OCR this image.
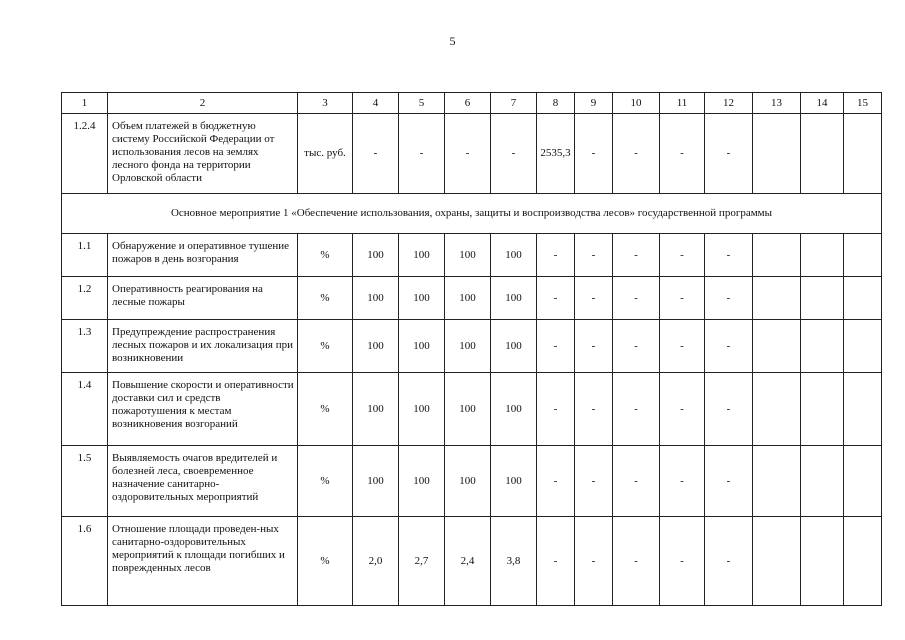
5
1	2	3	4	5	6	7	8	9	10	11	12	13	14	15
1.2.4	Объем платежей в бюджетную систему Российской Федерации от использования лесов на землях лесного фонда на территории Орловской области	тыс. руб.	-	-	-	-	2535,3	-	-	-	-			
Основное мероприятие 1 «Обеспечение использования, охраны, защиты и воспроизводства лесов» государственной программы														
1.1	Обнаружение и оперативное тушение пожаров в день возгорания	%	100	100	100	100	-	-	-	-	-			
1.2	Оперативность реагирования на лесные пожары	%	100	100	100	100	-	-	-	-	-			
1.3	Предупреждение распространения лесных пожаров и их локализация при возникновении	%	100	100	100	100	-	-	-	-	-			
1.4	Повышение скорости и оперативности доставки сил и средств пожаротушения к местам возникновения возгораний	%	100	100	100	100	-	-	-	-	-			
1.5	Выявляемость очагов вредителей и болезней леса, своевременное назначение санитарно-оздоровительных мероприятий	%	100	100	100	100	-	-	-	-	-			
1.6	Отношение площади проведен-ных санитарно-оздоровительных мероприятий к площади погибших и поврежденных лесов	%	2,0	2,7	2,4	3,8	-	-	-	-	-			
